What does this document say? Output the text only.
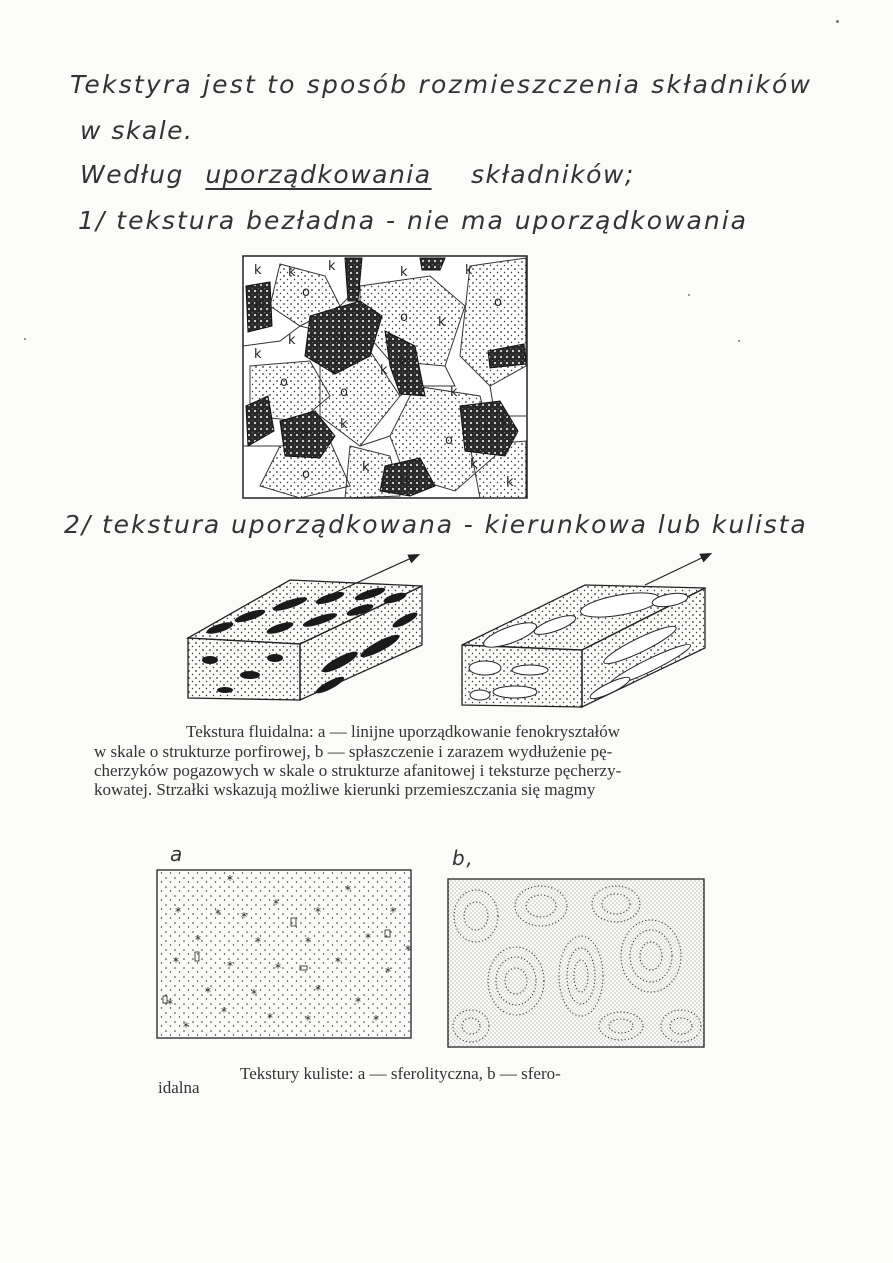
Tekstyra jest to sposób rozmieszczenia składników
w skale.
Według uporządkowania składników;
1/ tekstura bezładna - nie ma uporządkowania
k k k	k	k
k
k
k
k
k
k
k
k	k
k
o
o
o
o
o
o
o
b
b
b
b	b
b
2/ tekstura uporządkowana - kierunkowa lub kulista
Tekstura fluidalna: a — linijne uporządkowanie fenokryształów
w skale o strukturze porfirowej, b — spłaszczenie i zarazem wydłużenie pę-
cherzyków pogazowych w skale o strukturze afanitowej i teksturze pęcherzy-
kowatej. Strzałki wskazują możliwe kierunki przemieszczania się magmy
a	b,
*
*
*	* *
*
*	*
*	*	*	*
*	*	*	*
*
*	*	*
*
*
*	*	*	*
*
*
Tekstury kuliste: a — sferolityczna, b — sfero-
idalna
